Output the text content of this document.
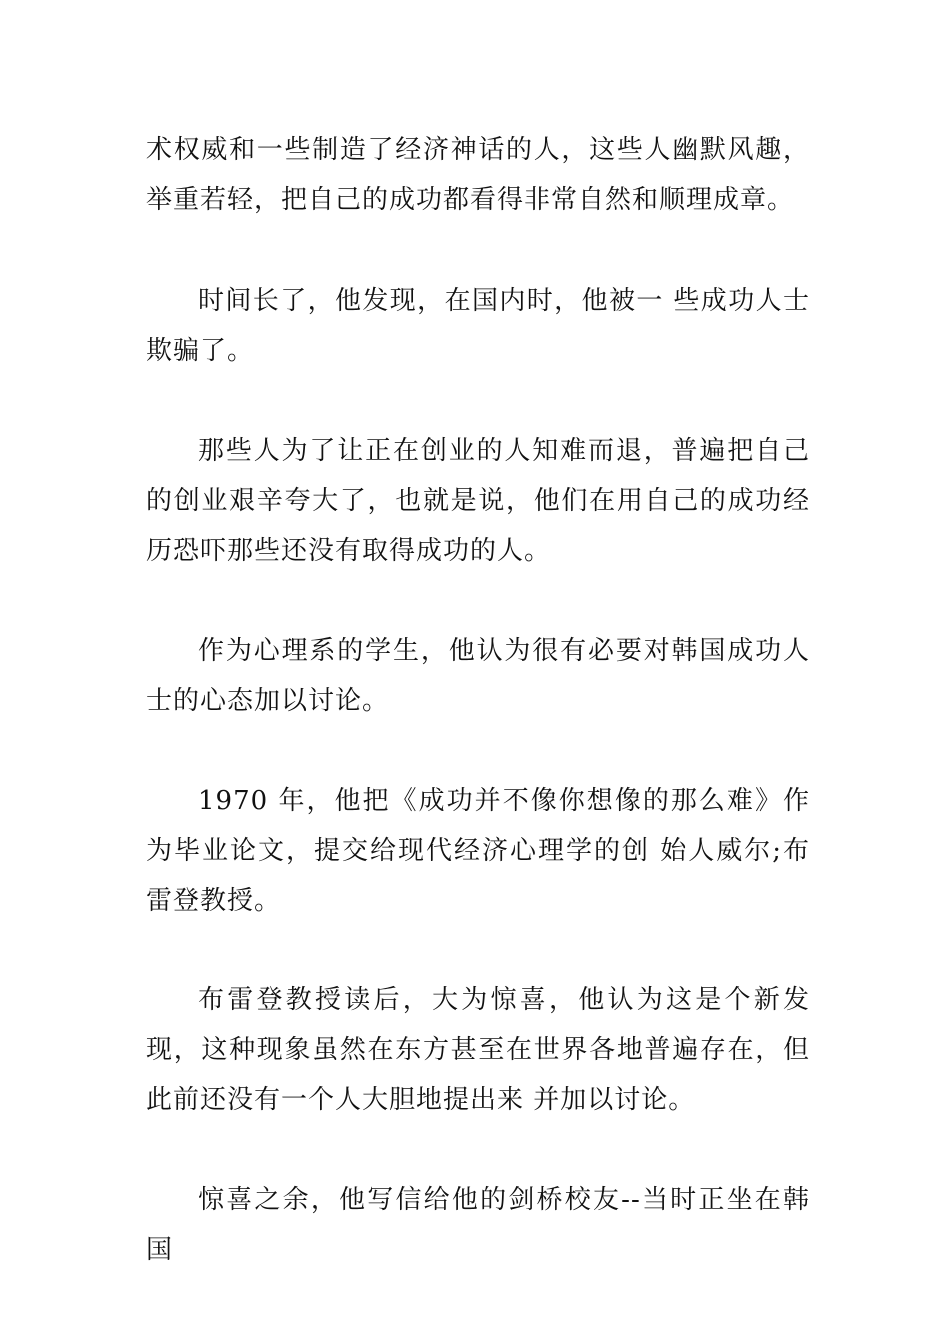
术权威和一些制造了经济神话的人，这些人幽默风趣，举重若轻，把自己的成功都看得非常自然和顺理成章。

时间长了，他发现，在国内时，他被一 些成功人士欺骗了。

那些人为了让正在创业的人知难而退，普遍把自己的创业艰辛夸大了，也就是说，他们在用自己的成功经历恐吓那些还没有取得成功的人。

作为心理系的学生，他认为很有必要对韩国成功人士的心态加以讨论。

1970 年，他把《成功并不像你想像的那么难》作为毕业论文，提交给现代经济心理学的创 始人威尔;布雷登教授。

布雷登教授读后，大为惊喜，他认为这是个新发现，这种现象虽然在东方甚至在世界各地普遍存在，但此前还没有一个人大胆地提出来 并加以讨论。

惊喜之余，他写信给他的剑桥校友--当时正坐在韩国
